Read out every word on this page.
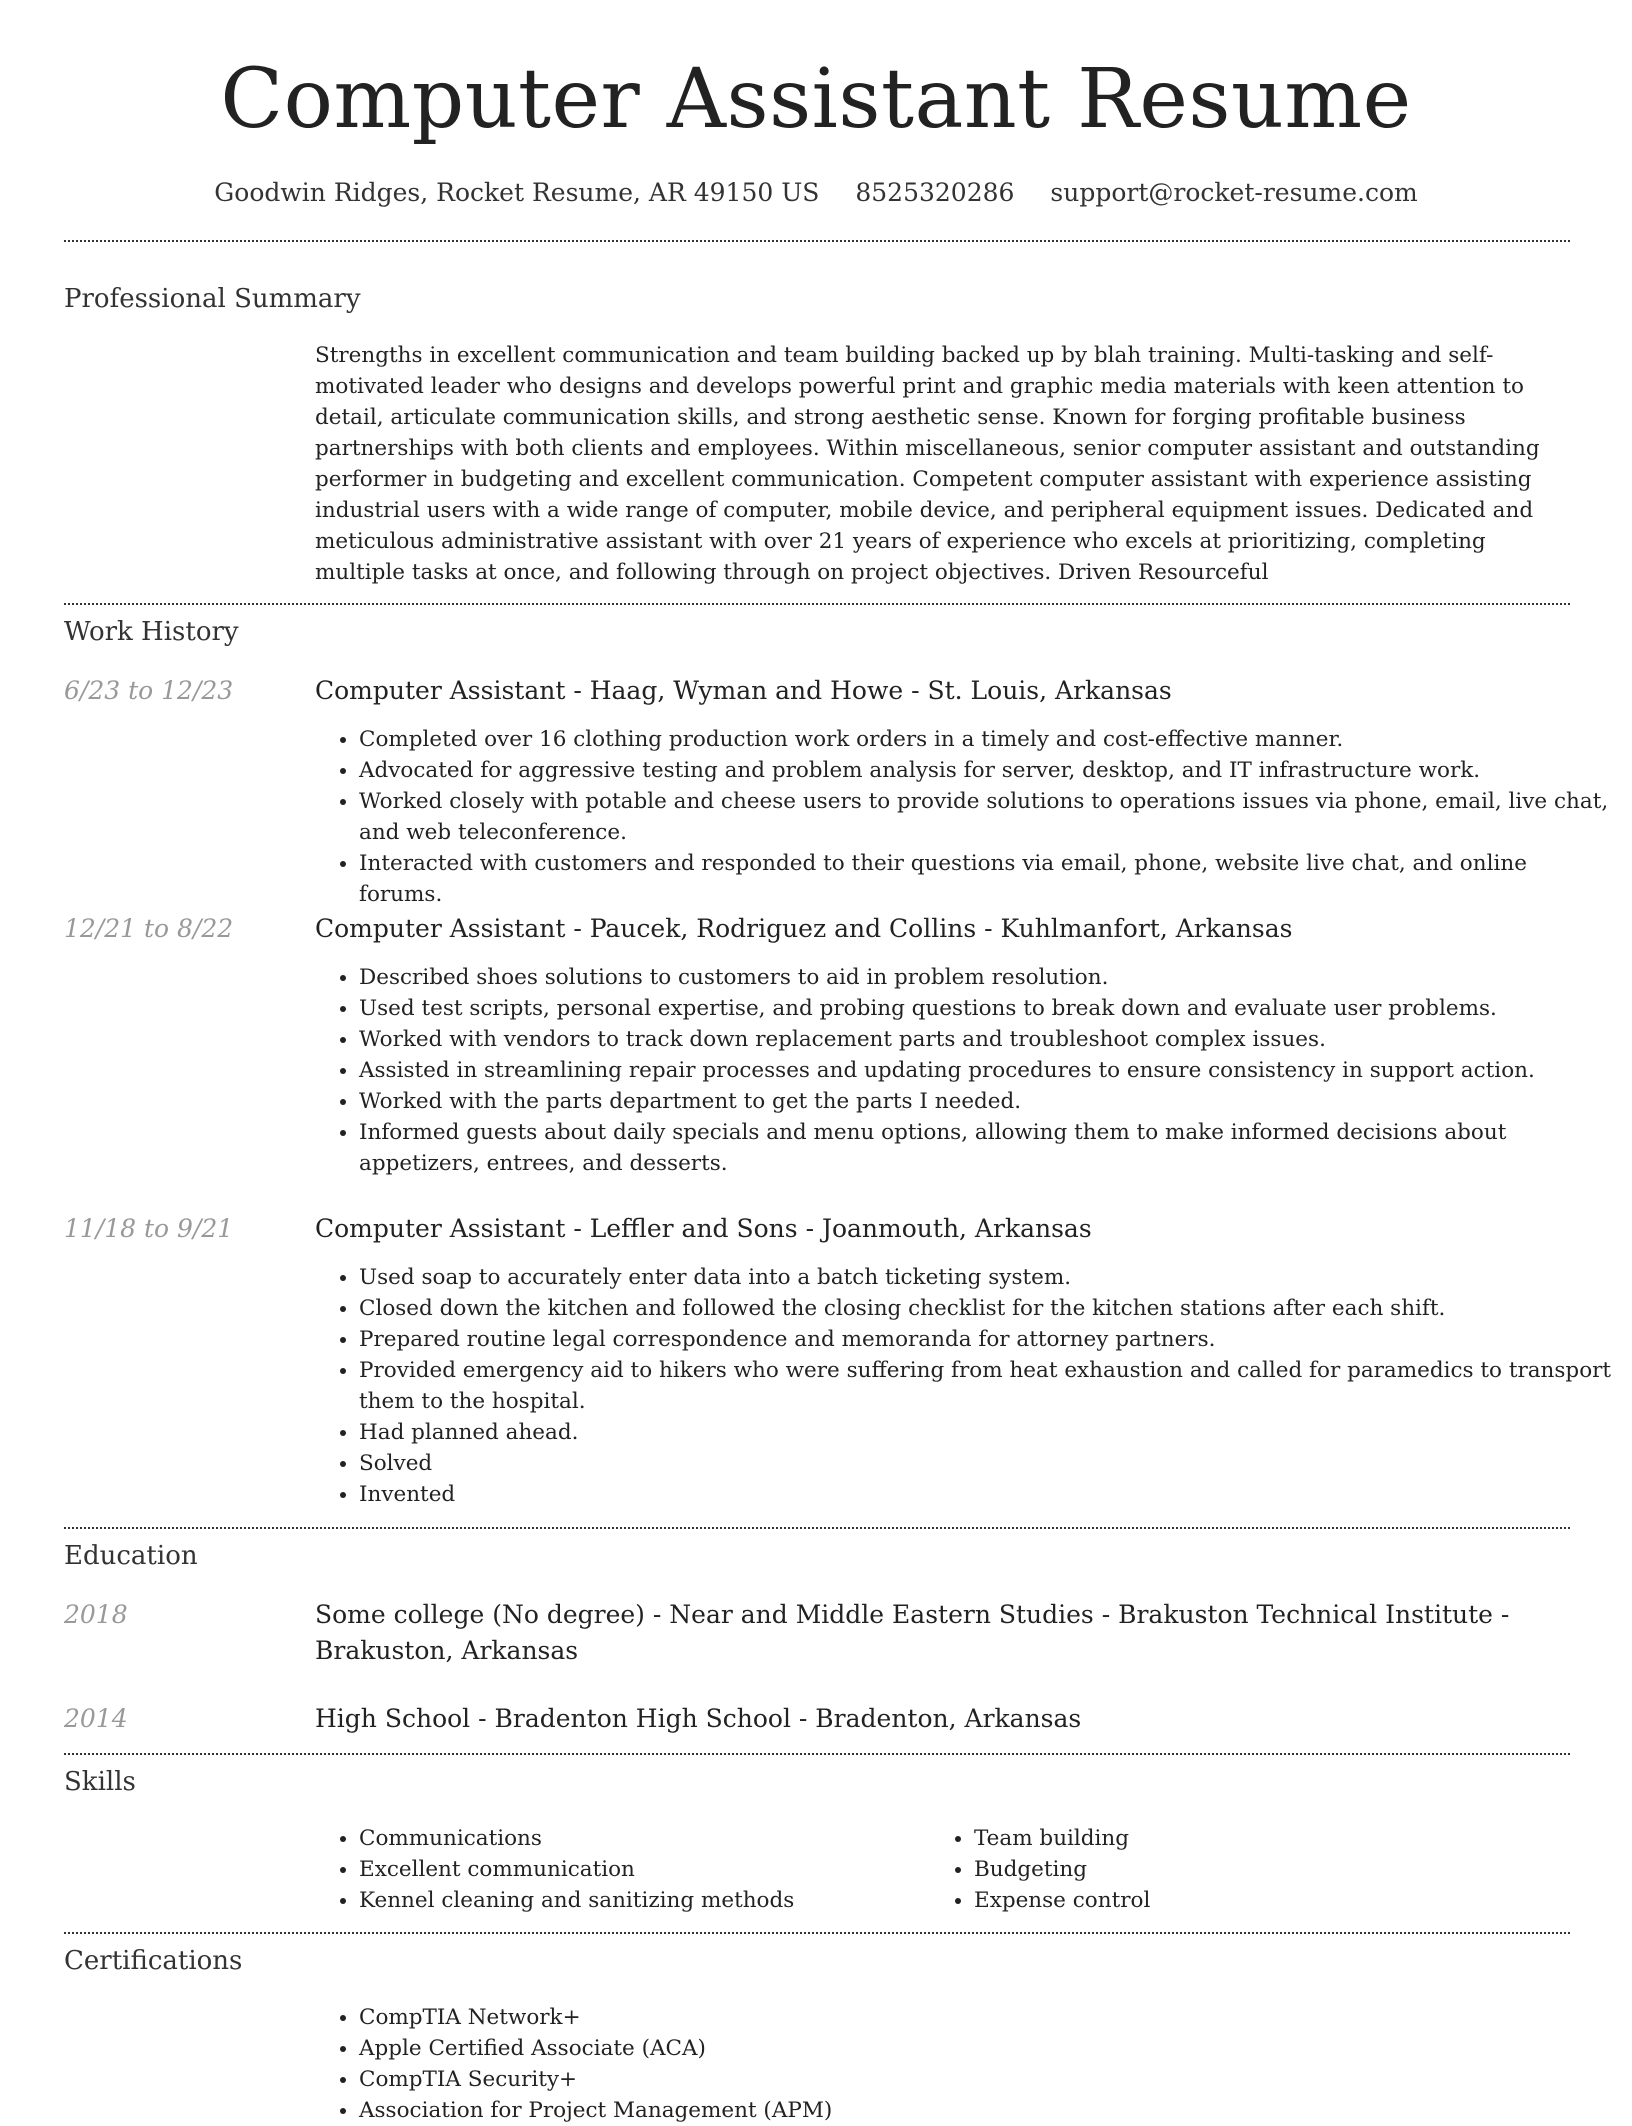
Computer Assistant Resume
Goodwin Ridges, Rocket Resume, AR 49150 US 8525320286 support@rocket-resume.com
Professional Summary

Strengths in excellent communication and team building backed up by blah training. Multi-tasking and self-motivated leader who designs and develops powerful print and graphic media materials with keen attention to detail, articulate communication skills, and strong aesthetic sense. Known for forging profitable business partnerships with both clients and employees. Within miscellaneous, senior computer assistant and outstanding performer in budgeting and excellent communication. Competent computer assistant with experience assisting industrial users with a wide range of computer, mobile device, and peripheral equipment issues. Dedicated and meticulous administrative assistant with over 21 years of experience who excels at prioritizing, completing multiple tasks at once, and following through on project objectives. Driven Resourceful

Work History
6/23 to 12/23	Computer Assistant - Haag, Wyman and Howe - St. Louis, Arkansas
• Completed over 16 clothing production work orders in a timely and cost-effective manner.
• Advocated for aggressive testing and problem analysis for server, desktop, and IT infrastructure work.
• Worked closely with potable and cheese users to provide solutions to operations issues via phone, email, live chat, and web teleconference.
• Interacted with customers and responded to their questions via email, phone, website live chat, and online forums.
12/21 to 8/22	Computer Assistant - Paucek, Rodriguez and Collins - Kuhlmanfort, Arkansas
• Described shoes solutions to customers to aid in problem resolution.
• Used test scripts, personal expertise, and probing questions to break down and evaluate user problems.
• Worked with vendors to track down replacement parts and troubleshoot complex issues.
• Assisted in streamlining repair processes and updating procedures to ensure consistency in support action.
• Worked with the parts department to get the parts I needed.
• Informed guests about daily specials and menu options, allowing them to make informed decisions about appetizers, entrees, and desserts.
11/18 to 9/21	Computer Assistant - Leffler and Sons - Joanmouth, Arkansas
• Used soap to accurately enter data into a batch ticketing system.
• Closed down the kitchen and followed the closing checklist for the kitchen stations after each shift.
• Prepared routine legal correspondence and memoranda for attorney partners.
• Provided emergency aid to hikers who were suffering from heat exhaustion and called for paramedics to transport them to the hospital.
• Had planned ahead.
• Solved
• Invented
Education
2018	Some college (No degree) - Near and Middle Eastern Studies - Brakuston Technical Institute - Brakuston, Arkansas
2014	High School - Bradenton High School - Bradenton, Arkansas
Skills
• Communications
• Excellent communication
• Kennel cleaning and sanitizing methods
• Team building
• Budgeting
• Expense control
Certifications
• CompTIA Network+
• Apple Certified Associate (ACA)
• CompTIA Security+
• Association for Project Management (APM)
